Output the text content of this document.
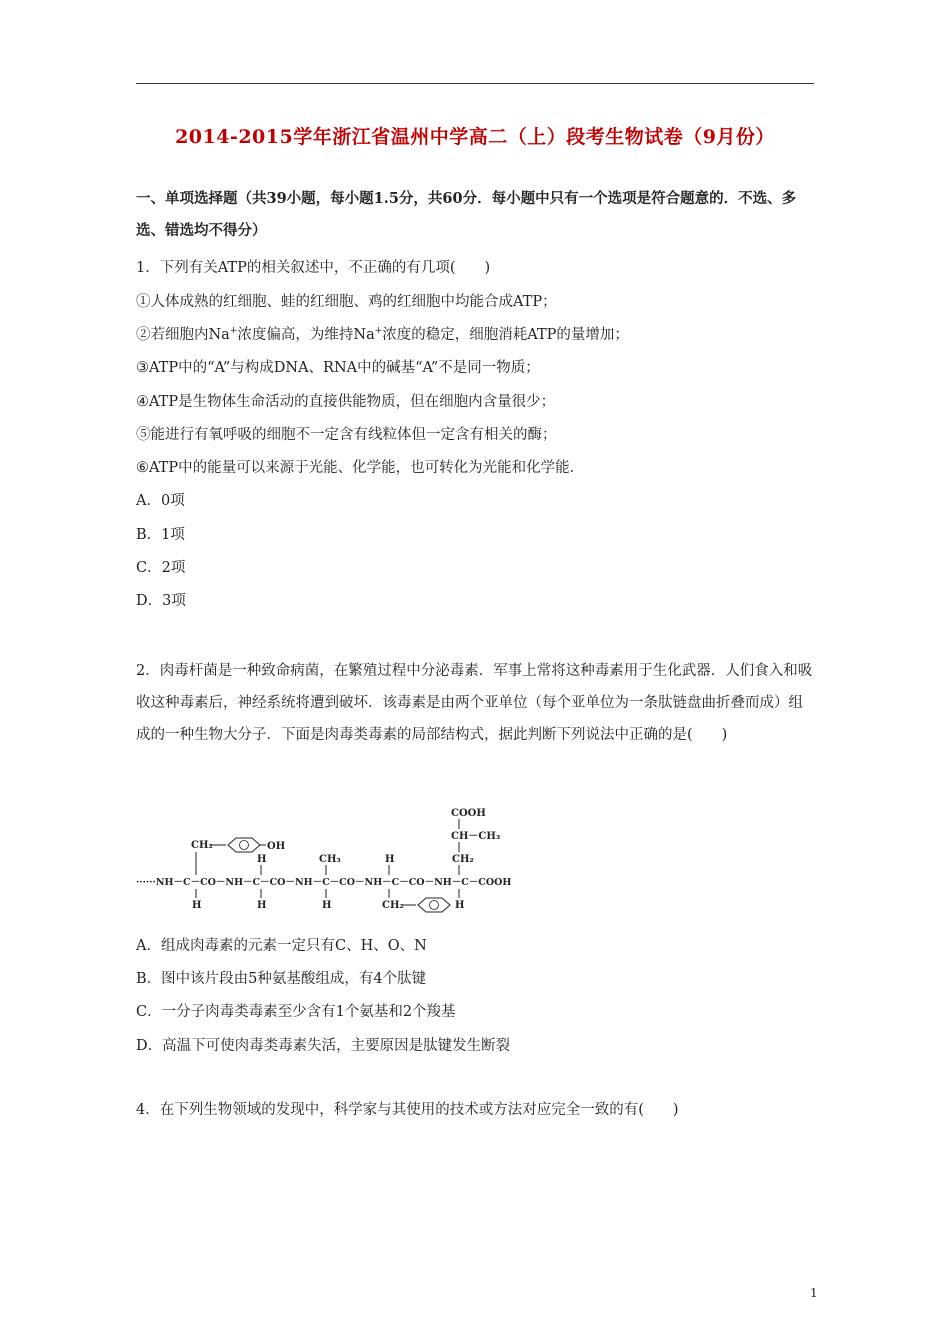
2014-2015学年浙江省温州中学高二（上）段考生物试卷（9月份）
一、单项选择题（共39小题，每小题1.5分，共60分．每小题中只有一个选项是符合题意的．不选、多选、错选均不得分）
1．下列有关ATP的相关叙述中，不正确的有几项(　　)
①人体成熟的红细胞、蛙的红细胞、鸡的红细胞中均能合成ATP；
②若细胞内Na+浓度偏高，为维持Na+浓度的稳定，细胞消耗ATP的量增加；
③ATP中的“A”与构成DNA、RNA中的碱基“A”不是同一物质；
④ATP是生物体生命活动的直接供能物质，但在细胞内含量很少；
⑤能进行有氧呼吸的细胞不一定含有线粒体但一定含有相关的酶；
⑥ATP中的能量可以来源于光能、化学能，也可转化为光能和化学能．
A．0项
B．1项
C．2项
D．3项
2．肉毒杆菌是一种致命病菌，在繁殖过程中分泌毒素．军事上常将这种毒素用于生化武器．人们食入和吸收这种毒素后，神经系统将遭到破坏．该毒素是由两个亚单位（每个亚单位为一条肽链盘曲折叠而成）组成的一种生物大分子．下面是肉毒类毒素的局部结构式，据此判断下列说法中正确的是(　　)
······NH－C－CO－NH－C－CO－NH－C－CO－NH－C－CO－NH－C－COOH
CH₂	OH
H
H
H
CH₃
H
H
CH₂
COOH
CH－CH₃
CH₂
H
A．组成肉毒素的元素一定只有C、H、O、N
B．图中该片段由5种氨基酸组成，有4个肽键
C．一分子肉毒类毒素至少含有1个氨基和2个羧基
D．高温下可使肉毒类毒素失活，主要原因是肽键发生断裂
4．在下列生物领域的发现中，科学家与其使用的技术或方法对应完全一致的有(　　)
1
